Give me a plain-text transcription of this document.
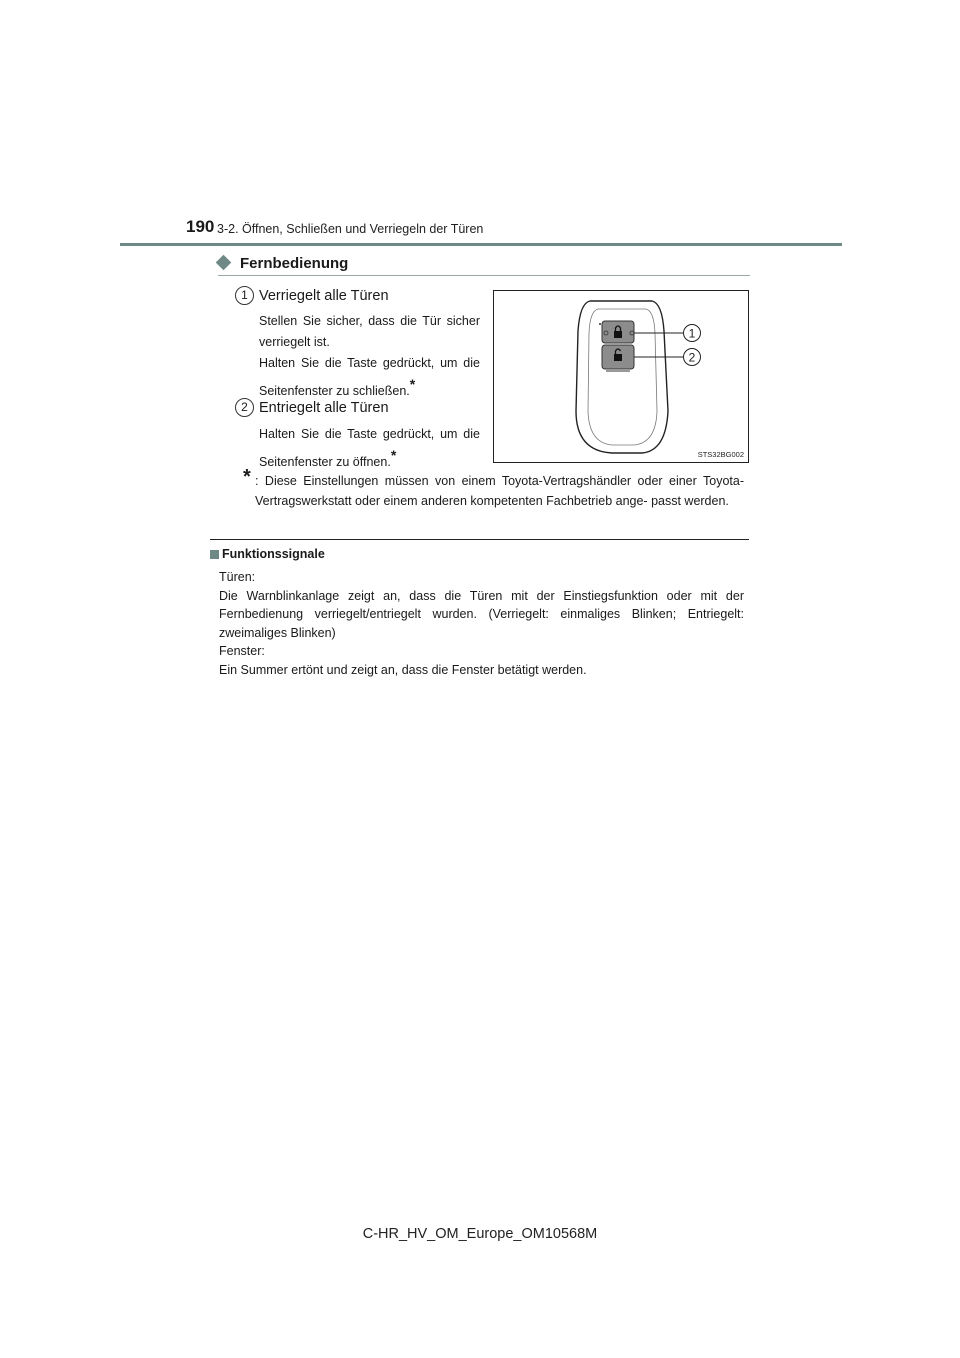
190 3-2. Öffnen, Schließen und Verriegeln der Türen
Fernbedienung
1 Verriegelt alle Türen
Stellen Sie sicher, dass die Tür sicher verriegelt ist.
Halten Sie die Taste gedrückt, um die Seitenfenster zu schließen.*
2 Entriegelt alle Türen
Halten Sie die Taste gedrückt, um die Seitenfenster zu öffnen.*
1
2
STS32BG002
* : Diese Einstellungen müssen von einem Toyota-Vertragshändler oder einer Toyota-Vertragswerkstatt oder einem anderen kompetenten Fachbetrieb ange- passt werden.
Funktionssignale

Türen:

Die Warnblinkanlage zeigt an, dass die Türen mit der Einstiegsfunktion oder mit der Fernbedienung verriegelt/entriegelt wurden. (Verriegelt: einmaliges Blinken; Entriegelt: zweimaliges Blinken)

Fenster:

Ein Summer ertönt und zeigt an, dass die Fenster betätigt werden.

C-HR_HV_OM_Europe_OM10568M
